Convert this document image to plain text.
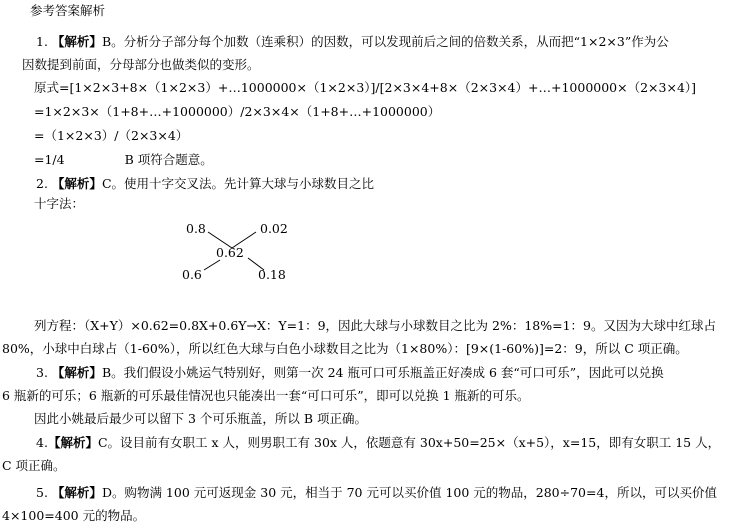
参考答案解析
1. 【解析】B。分析分子部分每个加数（连乘积）的因数，可以发现前后之间的倍数关系，从而把“1×2×3”作为公
因数提到前面，分母部分也做类似的变形。
原式=[1×2×3+8×（1×2×3）+…1000000×（1×2×3）]/[2×3×4+8×（2×3×4）+…+1000000×（2×3×4）]
=1×2×3×（1+8+…+1000000）/2×3×4×（1+8+…+1000000）
=（1×2×3）/（2×3×4）
=1/4	B 项符合题意。
2. 【解析】C。使用十字交叉法。先计算大球与小球数目之比
十字法：
0.8	0.02
0.62
0.6	0.18
列方程：（X+Y）×0.62=0.8X+0.6Y→X：Y=1：9，因此大球与小球数目之比为 2%：18%=1：9。又因为大球中红球占
80%，小球中白球占（1-60%），所以红色大球与白色小球数目之比为（1×80%）：[9×(1-60%)]=2：9，所以 C 项正确。
3. 【解析】B。我们假设小姚运气特别好，则第一次 24 瓶可口可乐瓶盖正好凑成 6 套“可口可乐”，因此可以兑换
6 瓶新的可乐；6 瓶新的可乐最佳情况也只能凑出一套“可口可乐”，即可以兑换 1 瓶新的可乐。
因此小姚最后最少可以留下 3 个可乐瓶盖，所以 B 项正确。
4.【解析】C。设目前有女职工 x 人，则男职工有 30x 人，依题意有 30x+50=25×（x+5），x=15，即有女职工 15 人，
C 项正确。
5. 【解析】D。购物满 100 元可返现金 30 元，相当于 70 元可以买价值 100 元的物品，280÷70=4，所以，可以买价值
4×100=400 元的物品。
